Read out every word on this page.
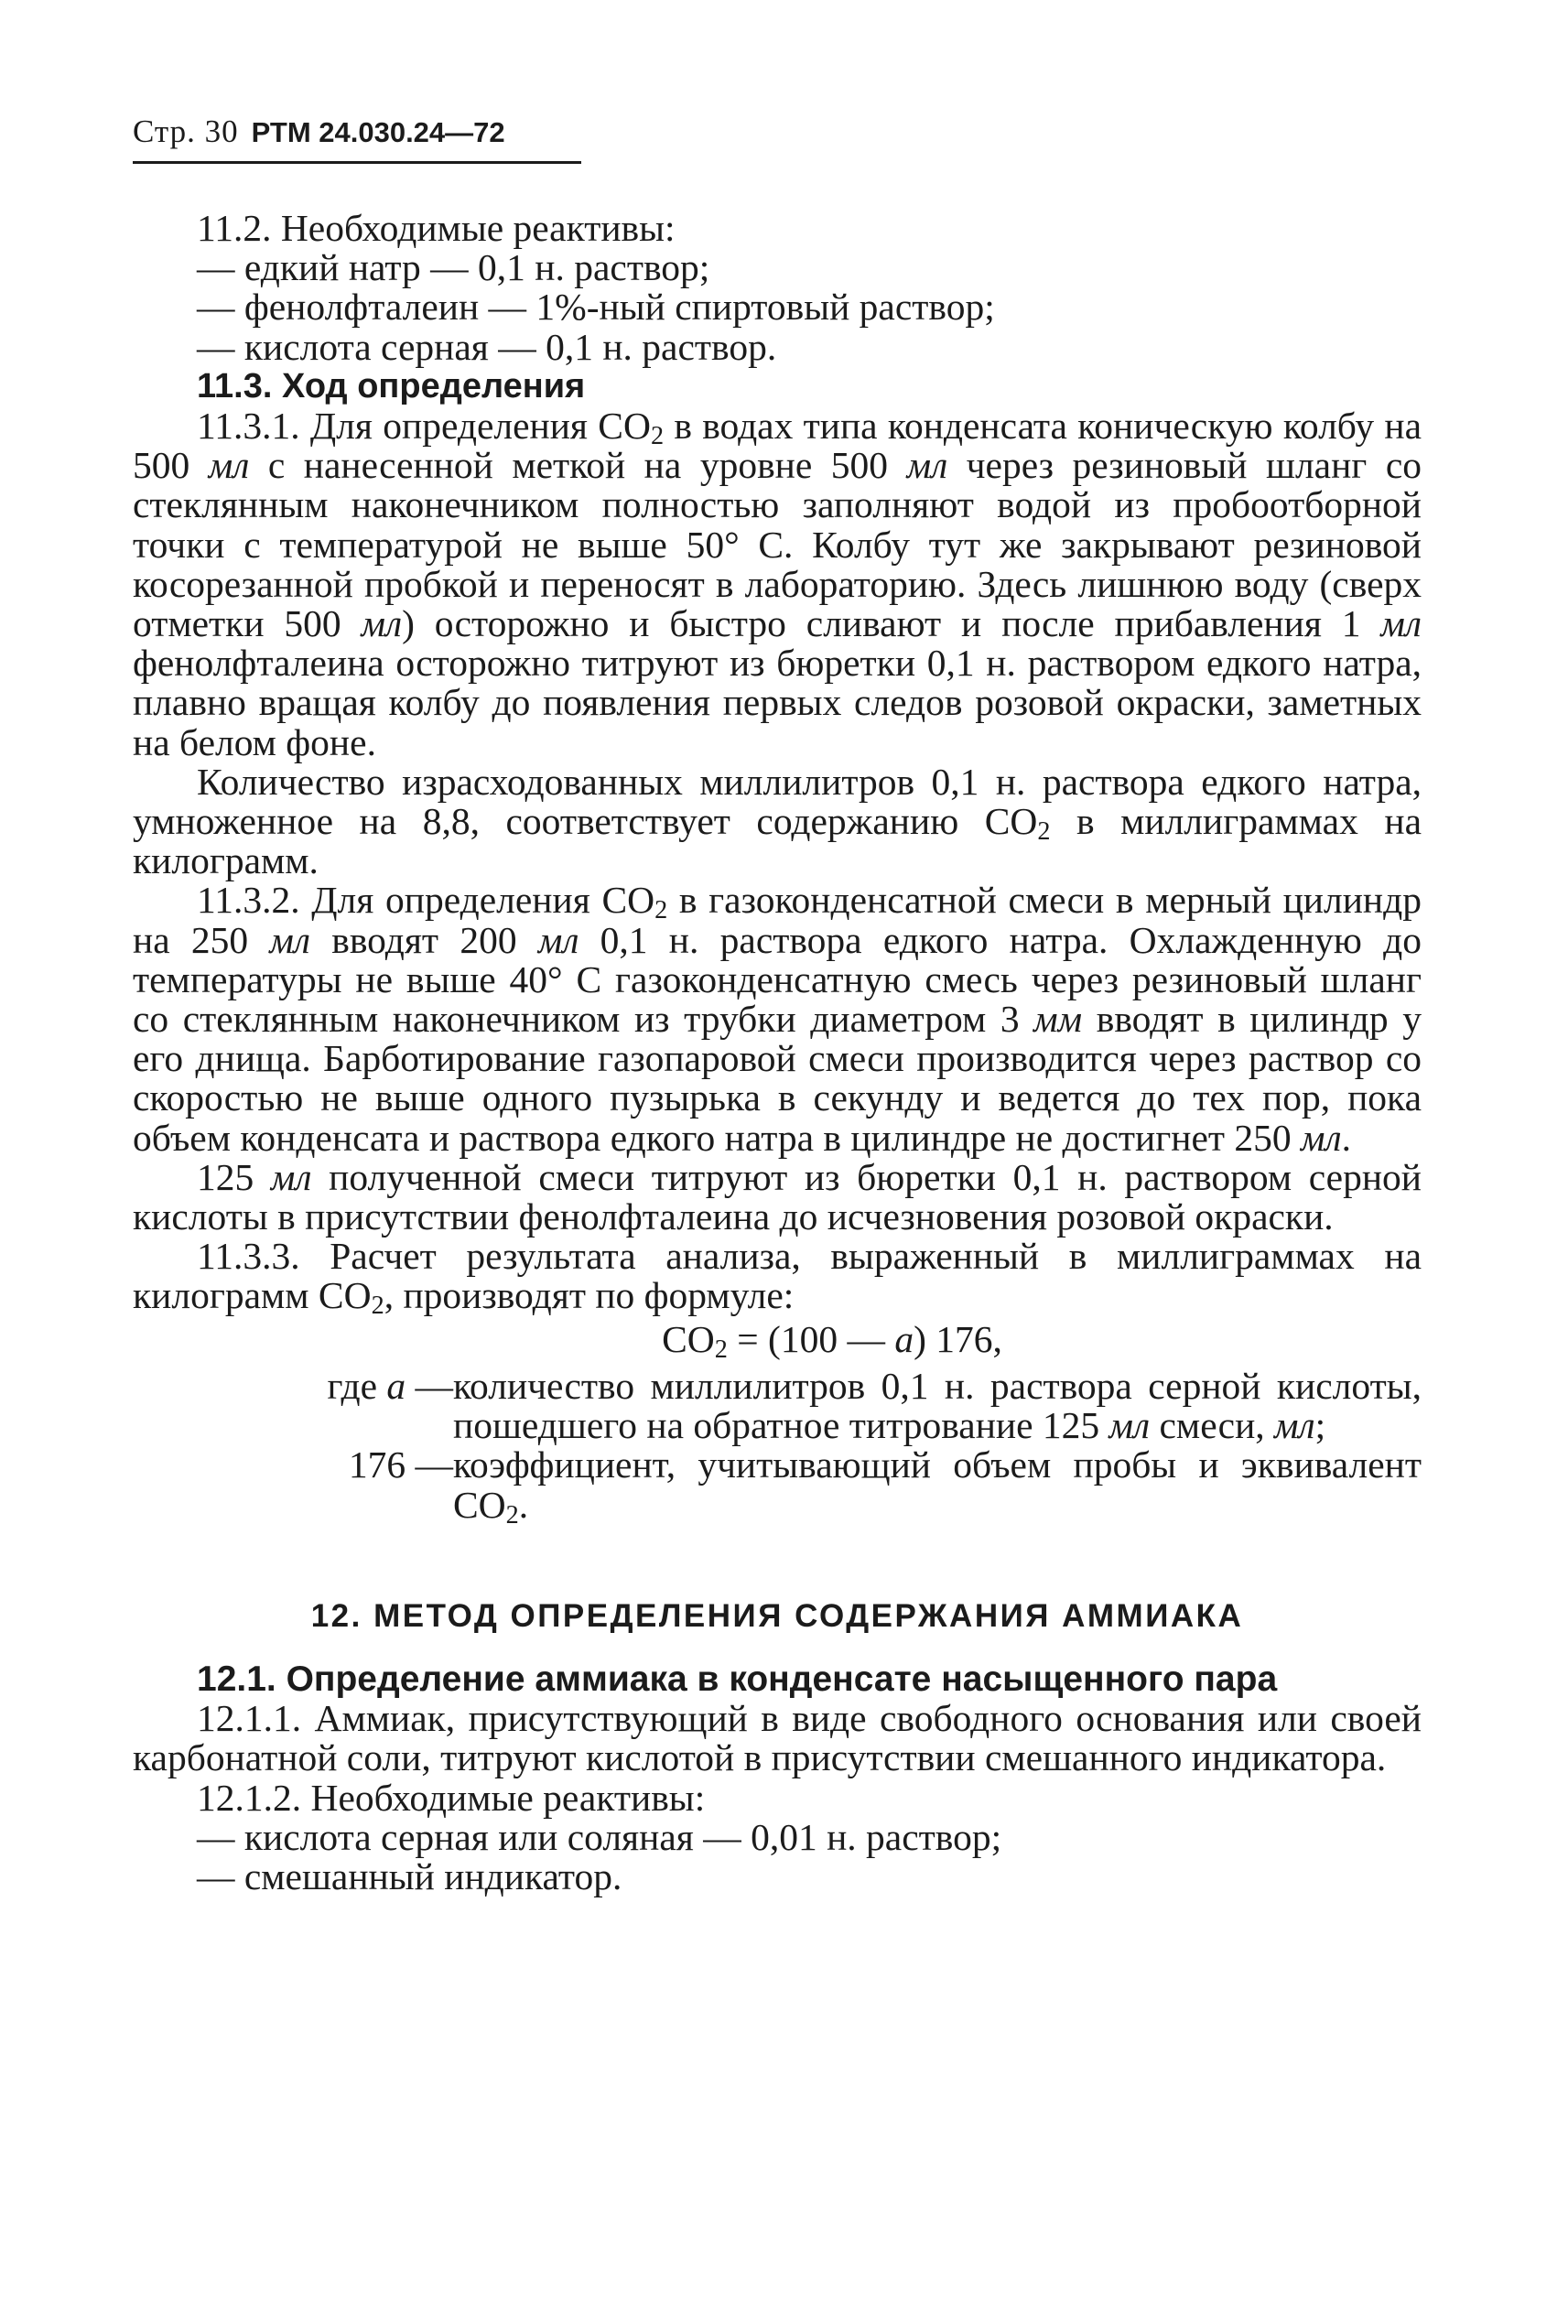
Стр. 30 РТМ 24.030.24—72

11.2. Необходимые реактивы:

— едкий натр — 0,1 н. раствор;

— фенолфталеин — 1%-ный спиртовый раствор;

— кислота серная — 0,1 н. раствор.

11.3. Ход определения

11.3.1. Для определения $CO_2$ в водах типа конденсата коническую колбу на 500 мл с нанесенной меткой на уровне 500 мл через резиновый шланг со стеклянным наконечником полностью заполняют водой из пробоотборной точки с температурой не выше 50° С. Колбу тут же закрывают резиновой косорезанной пробкой и переносят в лабораторию. Здесь лишнюю воду (сверх отметки 500 мл) осторожно и быстро сливают и после прибавления 1 мл фенолфталеина осторожно титруют из бюретки 0,1 н. раствором едкого натра, плавно вращая колбу до появления первых следов розовой окраски, заметных на белом фоне.

Количество израсходованных миллилитров 0,1 н. раствора едкого натра, умноженное на 8,8, соответствует содержанию $CO_2$ в миллиграммах на килограмм.

11.3.2. Для определения $CO_2$ в газоконденсатной смеси в мерный цилиндр на 250 мл вводят 200 мл 0,1 н. раствора едкого натра. Охлажденную до температуры не выше 40° С газоконденсатную смесь через резиновый шланг со стеклянным наконечником из трубки диаметром 3 мм вводят в цилиндр у его днища. Барботирование газопаровой смеси производится через раствор со скоростью не выше одного пузырька в секунду и ведется до тех пор, пока объем конденсата и раствора едкого натра в цилиндре не достигнет 250 мл.

125 мл полученной смеси титруют из бюретки 0,1 н. раствором серной кислоты в присутствии фенолфталеина до исчезновения розовой окраски.

11.3.3. Расчет результата анализа, выраженный в миллиграммах на килограмм $CO_2$, производят по формуле:

$CO_2 = (100$ — a) 176,

где a — количество миллилитров 0,1 н. раствора серной кислоты, пошедшего на обратное титрование 125 мл смеси, мл;
176 — коэффициент, учитывающий объем пробы и эквивалент $CO_2$.

12. МЕТОД ОПРЕДЕЛЕНИЯ СОДЕРЖАНИЯ АММИАКА

12.1. Определение аммиака в конденсате насыщенного пара

12.1.1. Аммиак, присутствующий в виде свободного основания или своей карбонатной соли, титруют кислотой в присутствии смешанного индикатора.

12.1.2. Необходимые реактивы:

— кислота серная или соляная — 0,01 н. раствор;

— смешанный индикатор.
